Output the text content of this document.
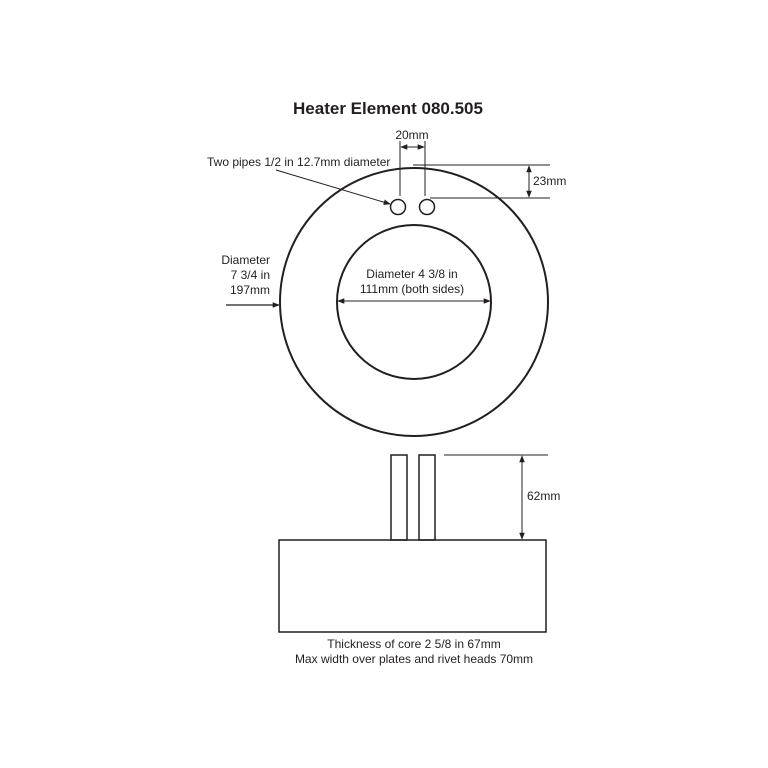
Heater Element 080.505
20mm
Two pipes 1/2 in 12.7mm diameter
23mm
Diameter
7 3/4 in
197mm
Diameter 4 3/8 in
111mm (both sides)
62mm
Thickness of core 2 5/8 in 67mm
Max width over plates and rivet heads 70mm
